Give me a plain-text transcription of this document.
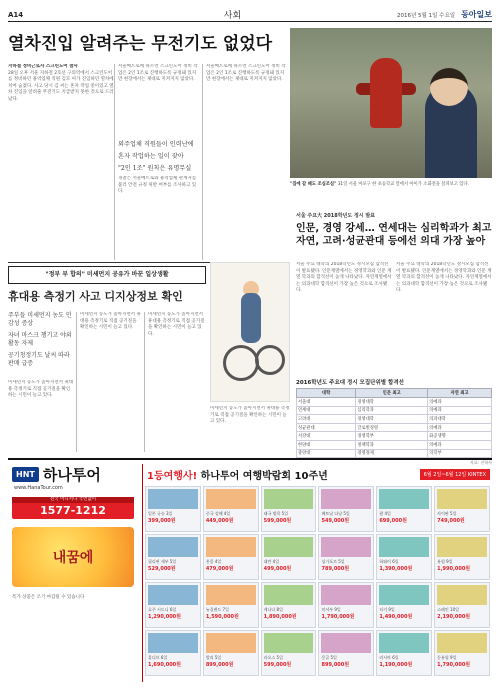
A14	사회	2016년 5월 1일 수요일 동아일보
열차진입 알려주는 무전기도 없었다
지하철 정비근로자 스크린도어 참사
28일 오후 서울 지하철 2호선 구의역에서 스크린도어를 정비하던 용역업체 직원 김모 씨가 진입하던 열차에 치여 숨졌다. 사고 당시 김 씨는 혼자 작업 중이었고 열차 진입을 알려줄 무전기도 지급받지 못한 것으로 드러났다.
서울메트로에 따르면 스크린도어 정비 작업은 2인 1조로 진행하도록 규정돼 있지만 현장에서는 제대로 지켜지지 않았다.

외주업체 직원들이 인력난에

혼자 작업하는 일이 잦아

"2인 1조" 원칙은 유명무실

경찰은 서울메트로와 용역업체 관계자를 불러 안전 규정 위반 여부를 조사하고 있다.
서울메트로에 따르면 스크린도어 정비 작업은 2인 1조로 진행하도록 규정돼 있지만 현장에서는 제대로 지켜지지 않았다.
"집에 갈 때도 조심조심" 31일 서울 마포구 한 초등학교 앞에서 아이가 소화전을 살펴보고 있다.
서울 주요大 2018학년도 정시 발표
인문, 경영 강세… 연세대는 심리학과가 최고 자연, 고려·성균관대 등에선 의대 가장 높아
서울 주요 대학의 2018학년도 정시모집 합격선이 발표됐다. 인문계열에서는 경영학과와 인문 계열 학과의 합격선이 높게 나타났다. 자연계열에서는 의과대학 합격선이 가장 높은 것으로 조사됐다.
서울 주요 대학의 2018학년도 정시모집 합격선이 발표됐다. 인문계열에서는 경영학과와 인문 계열 학과의 합격선이 높게 나타났다. 자연계열에서는 의과대학 합격선이 가장 높은 것으로 조사됐다.
"정부 부 합의" 미세먼지 공유가 바꾼 일상생활
휴대용 측정기 사고 디지상정보 확인

주부들 미세먼지 농도 민감성 증상

자녀 마스크 챙기고 야외활동 자제

공기청정기도 날씨 따라 판매 급증

미세먼지 농도가 높아지면서 휴대용 측정기로 직접 공기질을 확인하는 시민이 늘고 있다.
미세먼지 농도가 높아지면서 휴대용 측정기로 직접 공기질을 확인하는 시민이 늘고 있다.
미세먼지 농도가 높아지면서 휴대용 측정기로 직접 공기질을 확인하는 시민이 늘고 있다.
미세먼지 농도가 높아지면서 휴대용 측정기로 직접 공기질을 확인하는 시민이 늘고 있다.
2016학년도 주요대 정시 모집단위별 합격선
대학	인문 최고	자연 최고
서울대	경영대학	의예과
연세대	심리학과	의예과
고려대	경영대학	의과대학
성균관대	글로벌경영	의예과
서강대	경영학부	화공생명
한양대	정책학과	의예과
중앙대	경영경제	의학부
자료: 진학사
HNT 하나투어
www.HanaTour.com
전국 어디서나 국번없이
1577-1212
내꿈에
특가 상품은 조기 마감될 수 있습니다
1등여행사! 하나투어 여행박람회 10주년	6월 2일~6월 12일 KINTEX
일본 규슈 3일
399,000원
중국 상해 4일
449,000원
태국 방콕 5일
599,000원
베트남 다낭 5일
549,000원
괌 4일
699,000원
사이판 5일
749,000원
필리핀 세부 5일
529,000원
홍콩 4일
479,000원
대만 4일
499,000원
싱가포르 5일
789,000원
하와이 6일
1,390,000원
유럽 9일
1,990,000원
호주 시드니 6일
1,290,000원
뉴질랜드 7일
1,590,000원
캐나다 8일
1,890,000원
미서부 9일
1,790,000원
터키 9일
1,490,000원
스페인 10일
2,190,000원
몰디브 6일
1,690,000원
발리 5일
899,000원
라오스 5일
599,000원
몽골 5일
899,000원
러시아 6일
1,190,000원
동유럽 9일
1,790,000원
